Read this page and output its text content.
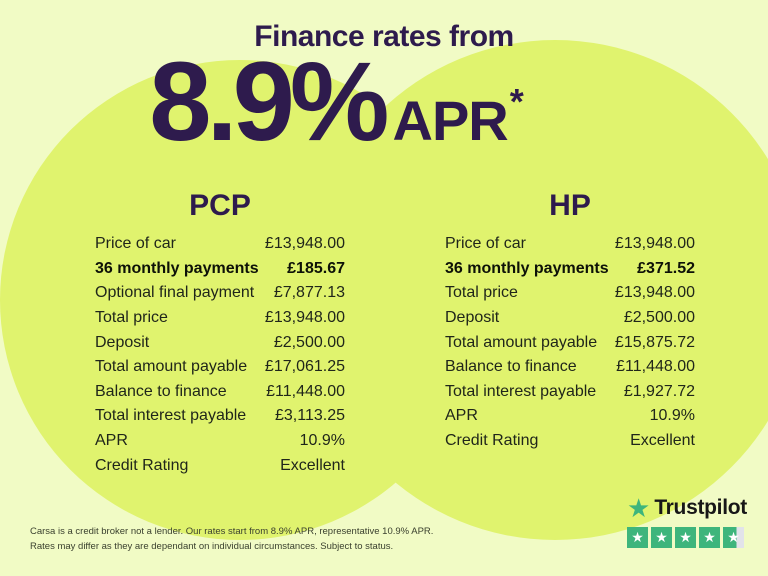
Finance rates from
8.9% APR*
PCP
Price of car	£13,948.00
36 monthly payments £185.67
Optional final payment £7,877.13
Total price	£13,948.00
Deposit	£2,500.00
Total amount payable £17,061.25
Balance to finance £11,448.00
Total interest payable £3,113.25
APR	10.9%
Credit Rating	Excellent
HP
Price of car	£13,948.00
36 monthly payments £371.52
Total price	£13,948.00
Deposit	£2,500.00
Total amount payable £15,875.72
Balance to finance £11,448.00
Total interest payable £1,927.72
APR	10.9%
Credit Rating	Excellent
Carsa is a credit broker not a lender. Our rates start from 8.9% APR, representative 10.9% APR.
Rates may differ as they are dependant on individual circumstances. Subject to status.
★ Trustpilot
★ ★ ★ ★ ★
